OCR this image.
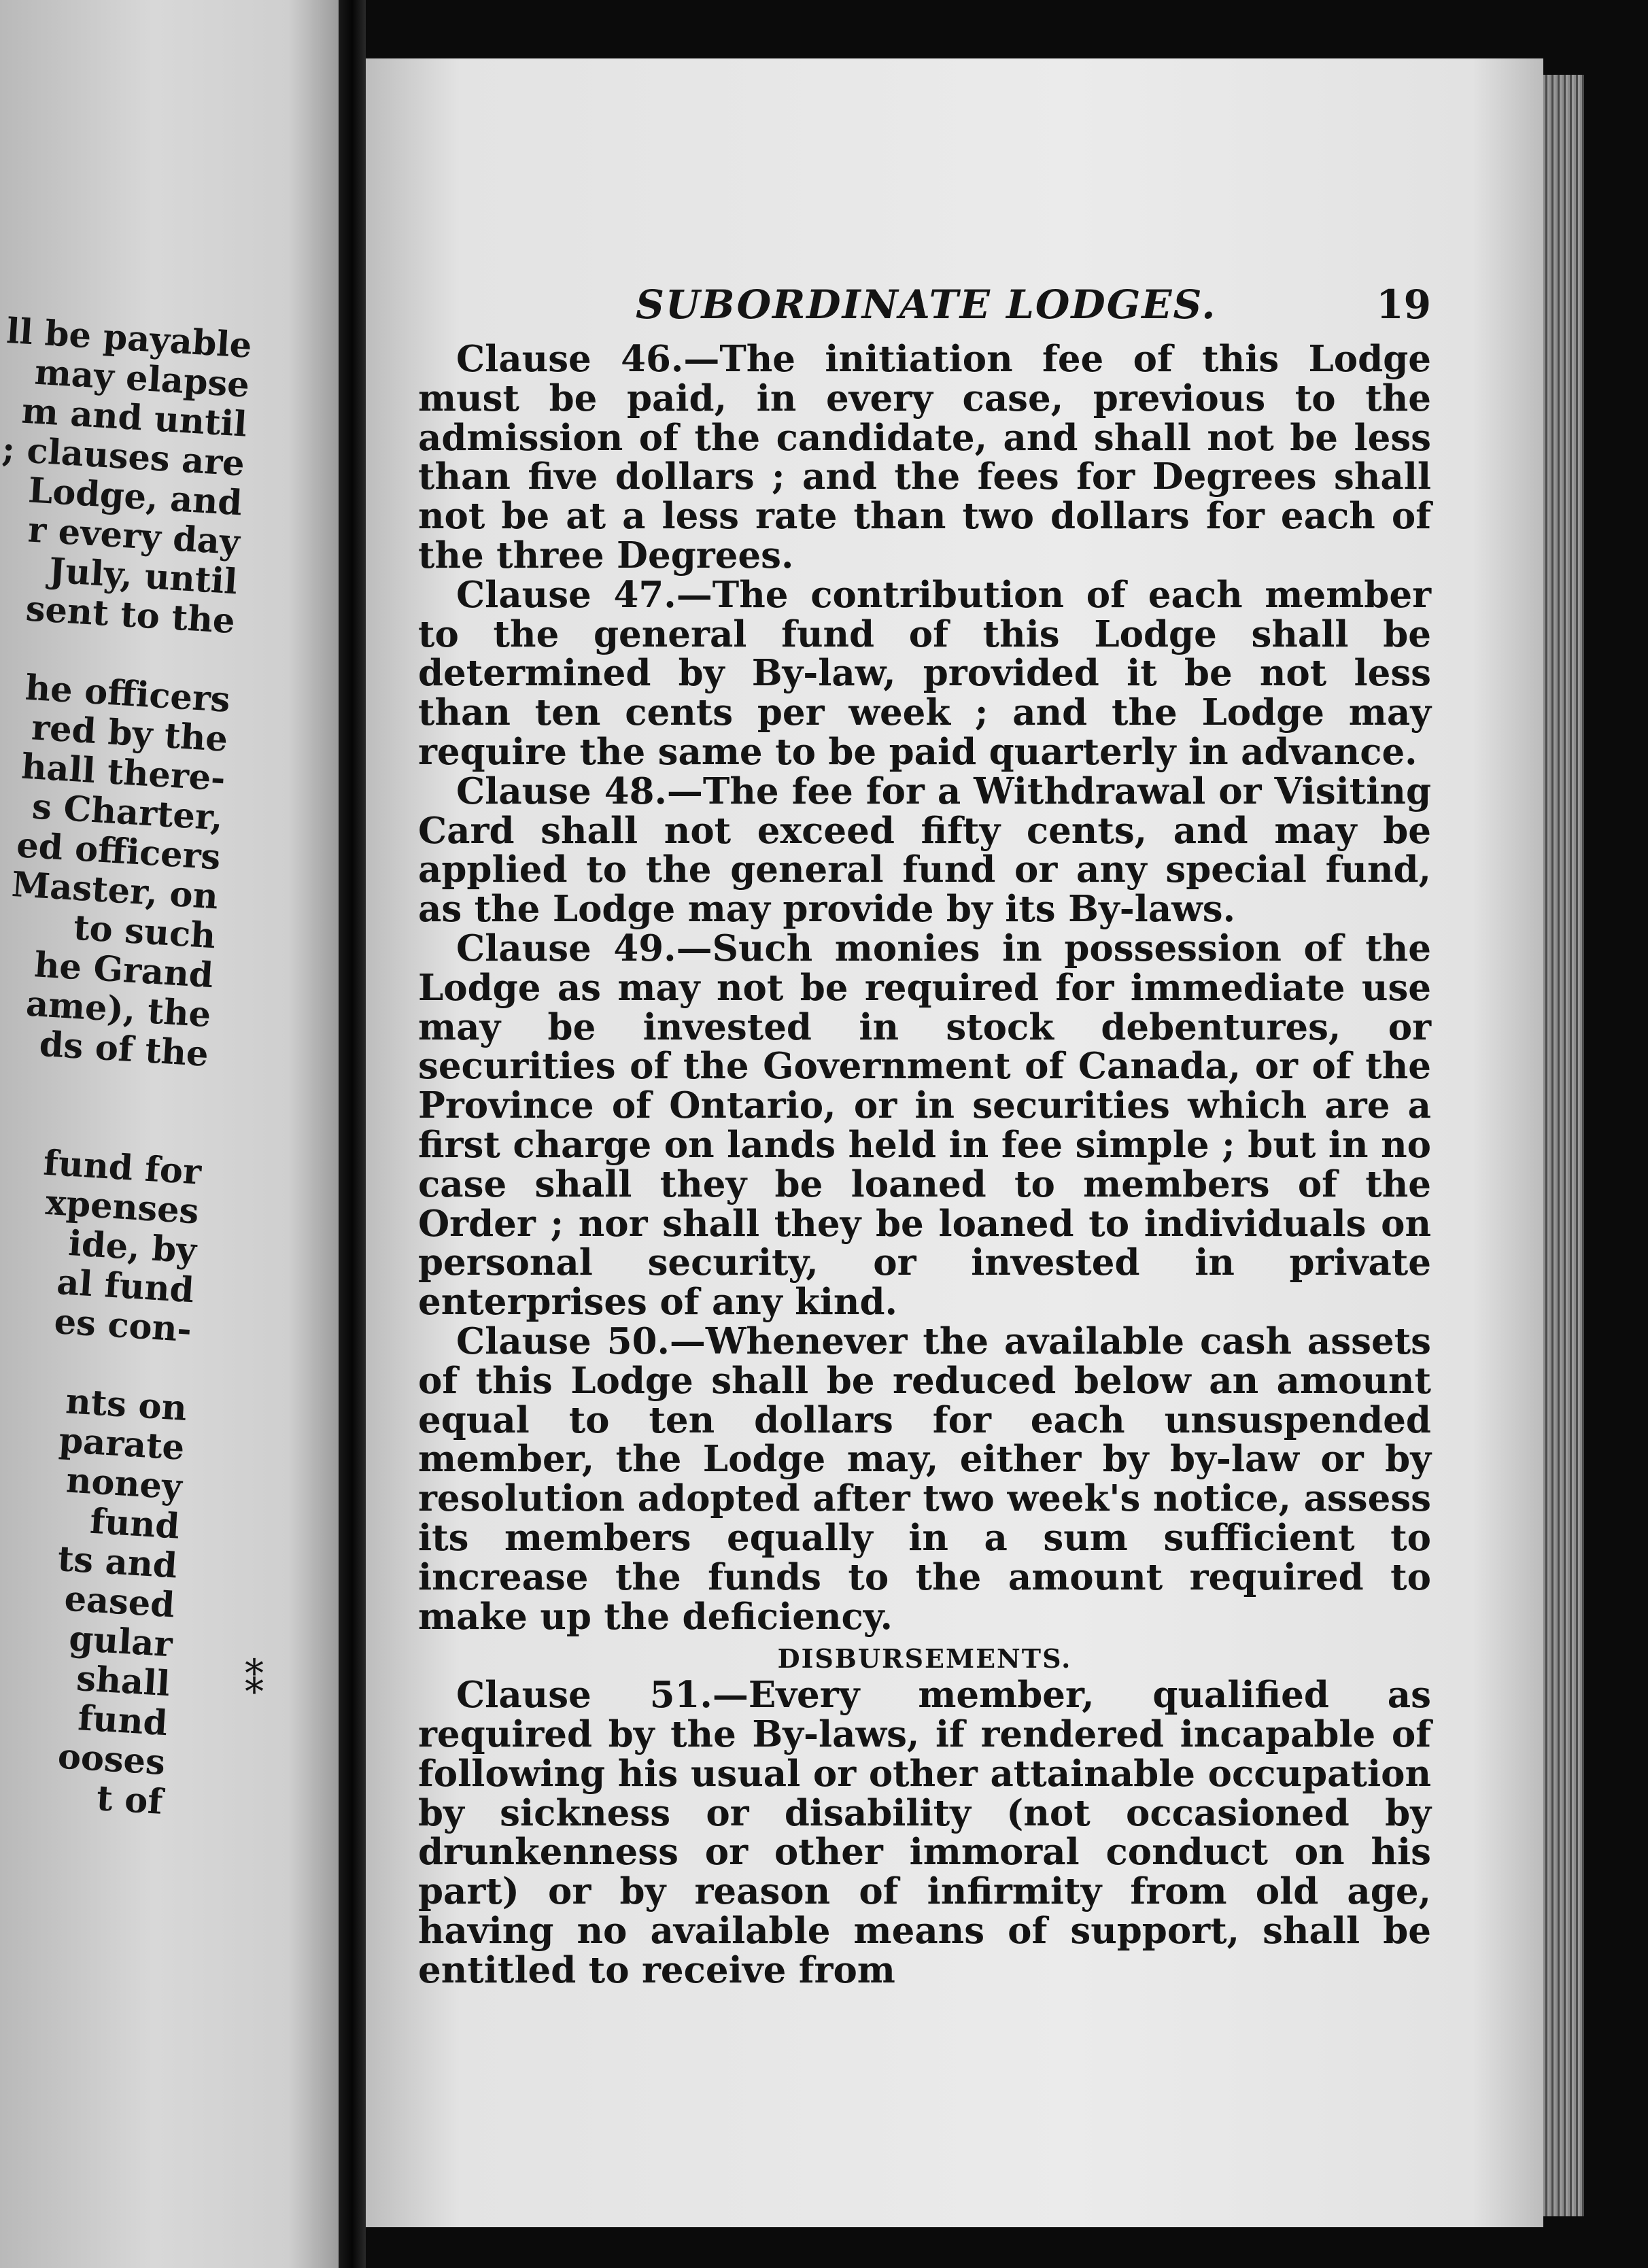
ll be payable
may elapse
m and until
; clauses are
Lodge, and
r every day
July, until
sent to the
he officers
red by the
hall there-
s Charter,
ed officers
Master, on
to such
he Grand
ame), the
ds of the
fund for
xpenses
ide, by
al fund
es con-
nts on
parate
noney
fund
ts and
eased
gular
shall
fund
ooses
t of
⁑
SUBORDINATE LODGES.	19

Clause 46.—The initiation fee of this Lodge must be paid, in every case, previous to the admission of the candidate, and shall not be less than five dollars ; and the fees for Degrees shall not be at a less rate than two dollars for each of the three Degrees.

Clause 47.—The contribution of each member to the general fund of this Lodge shall be determined by By-law, provided it be not less than ten cents per week ; and the Lodge may require the same to be paid quarterly in advance.

Clause 48.—The fee for a Withdrawal or Visiting Card shall not exceed fifty cents, and may be applied to the general fund or any special fund, as the Lodge may provide by its By-laws.

Clause 49.—Such monies in possession of the Lodge as may not be required for immediate use may be invested in stock debentures, or securities of the Government of Canada, or of the Province of Ontario, or in securities which are a first charge on lands held in fee simple ; but in no case shall they be loaned to members of the Order ; nor shall they be loaned to individuals on personal security, or invested in private enterprises of any kind.

Clause 50.—Whenever the available cash assets of this Lodge shall be reduced below an amount equal to ten dollars for each unsuspended member, the Lodge may, either by by-law or by resolution adopted after two week's notice, assess its members equally in a sum sufficient to increase the funds to the amount required to make up the deficiency.

DISBURSEMENTS.

Clause 51.—Every member, qualified as required by the By-laws, if rendered incapable of following his usual or other attainable occupation by sickness or disability (not occasioned by drunkenness or other immoral conduct on his part) or by reason of infirmity from old age, having no available means of support, shall be entitled to receive from
